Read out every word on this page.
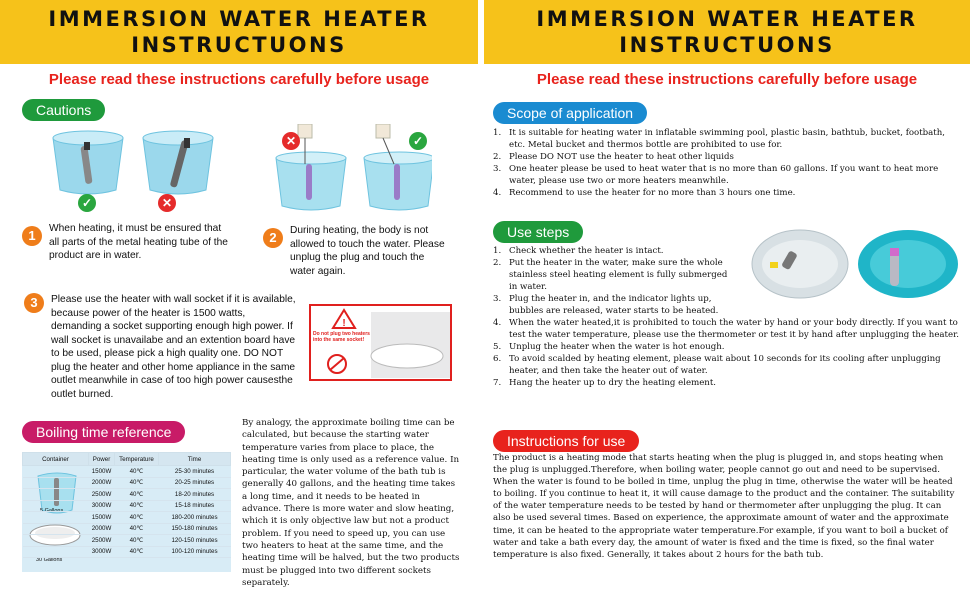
IMMERSION WATER HEATER
INSTRUCTUONS
Please read these instructions carefully before usage
Cautions
✓	✕
✕	✓
1	When heating, it must be ensured that all parts of the metal heating tube of the product are in water.
2	During heating, the body is not allowed to touch the water. Please unplug the plug and touch the water again.
3	Please use the heater with wall socket if it is available, because power of the heater is 1500 watts, demanding a socket supporting enough high power. If wall socket is unavailabe and an extention board have to be used, please pick a high quality one. DO NOT plug the heater and other home appliance in the same outlet meanwhile in case of too high power causesthe outlet burned.
!
Do not plug two heaters into the same socket!
Boiling time reference
5 Gallons
30 Gallons
Container	Power	Temperature	Time
	1500W	40℃	25-30 minutes
	2000W	40℃	20-25 minutes
	2500W	40℃	18-20 minutes
	3000W	40℃	15-18 minutes
	1500W	40℃	180-200 minutes
	2000W	40℃	150-180 minutes
	2500W	40℃	120-150 minutes
	3000W	40℃	100-120 minutes
By analogy, the approximate boiling time can be calculated, but because the starting water temperature varies from place to place, the heating time is only used as a reference value. In particular, the water volume of the bath tub is generally 40 gallons, and the heating time takes a long time, and it needs to be heated in advance. There is more water and slow heating, which it is only objective law but not a product problem. If you need to speed up, you can use two heaters to heat at the same time, and the heating time will be halved, but the two products must be plugged into two different sockets separately.
IMMERSION WATER HEATER
INSTRUCTUONS
Please read these instructions carefully before usage
Scope of application
1. It is suitable for heating water in inflatable swimming pool, plastic basin, bathtub, bucket, footbath, etc. Metal bucket and thermos bottle are prohibited to use for.
2. Please DO NOT use the heater to heat other liquids
3. One heater please be used to heat water that is no more than 60 gallons. If you want to heat more water, please use two or more heaters meanwhile.
4. Recommend to use the heater for no more than 3 hours one time.
Use steps
1. Check whether the heater is intact.
2. Put the heater in the water, make sure the whole stainless steel heating element is fully submerged in water.
3. Plug the heater in, and the indicator lights up, bubbles are released, water starts to be heated.
4. When the water heated,it is prohibited to touch the water by hand or your body directly. If you want to test the water temperature, please use the thermometer or test it by hand after unplugging the heater.
5. Unplug the heater when the water is hot enough.
6. To avoid scalded by heating element, please wait about 10 seconds for its cooling after unplugging heater, and then take the heater out of water.
7. Hang the heater up to dry the heating element.
Instructions for use
The product is a heating mode that starts heating when the plug is plugged in, and stops heating when the plug is unplugged.Therefore, when boiling water, people cannot go out and need to be supervised. When the water is found to be boiled in time, unplug the plug in time, otherwise the water will be heated to boiling. If you continue to heat it, it will cause damage to the product and the container. The suitability of the water temperature needs to be tested by hand or thermometer after unplugging the plug. It can also be used several times. Based on experience, the approximate amount of water and the approximate time, it can be heated to the appropriate water temperature.For example, if you want to boil a bucket of water and take a bath every day, the amount of water is fixed and the time is fixed, so the final water temperature is also fixed. Generally, it takes about 2 hours for the bath tub.
